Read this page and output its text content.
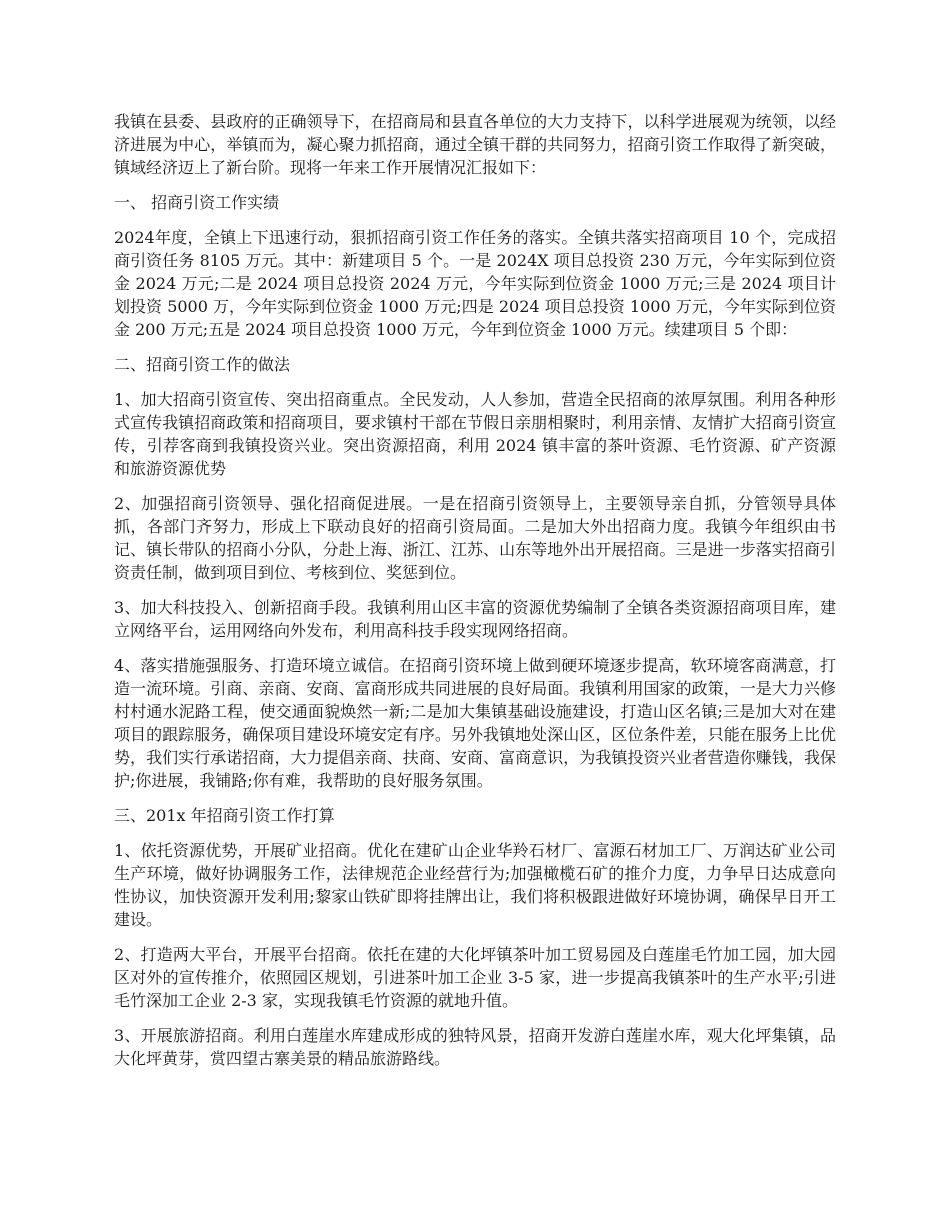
我镇在县委、县政府的正确领导下，在招商局和县直各单位的大力支持下，以科学进展观为统领，以经济进展为中心，举镇而为，凝心聚力抓招商，通过全镇干群的共同努力，招商引资工作取得了新突破，镇域经济迈上了新台阶。现将一年来工作开展情况汇报如下：

一、 招商引资工作实绩

2024年度，全镇上下迅速行动，狠抓招商引资工作任务的落实。全镇共落实招商项目 10 个，完成招商引资任务 8105 万元。其中：新建项目 5 个。一是 2024X 项目总投资 230 万元，今年实际到位资金 2024 万元;二是 2024 项目总投资 2024 万元，今年实际到位资金 1000 万元;三是 2024 项目计划投资 5000 万，今年实际到位资金 1000 万元;四是 2024 项目总投资 1000 万元，今年实际到位资金 200 万元;五是 2024 项目总投资 1000 万元，今年到位资金 1000 万元。续建项目 5 个即：

二、招商引资工作的做法

1、加大招商引资宣传、突出招商重点。全民发动，人人参加，营造全民招商的浓厚氛围。利用各种形式宣传我镇招商政策和招商项目，要求镇村干部在节假日亲朋相聚时，利用亲情、友情扩大招商引资宣传，引荐客商到我镇投资兴业。突出资源招商，利用 2024 镇丰富的茶叶资源、毛竹资源、矿产资源和旅游资源优势

2、加强招商引资领导、强化招商促进展。一是在招商引资领导上，主要领导亲自抓，分管领导具体抓，各部门齐努力，形成上下联动良好的招商引资局面。二是加大外出招商力度。我镇今年组织由书记、镇长带队的招商小分队，分赴上海、浙江、江苏、山东等地外出开展招商。三是进一步落实招商引资责任制，做到项目到位、考核到位、奖惩到位。

3、加大科技投入、创新招商手段。我镇利用山区丰富的资源优势编制了全镇各类资源招商项目库，建立网络平台，运用网络向外发布，利用高科技手段实现网络招商。

4、落实措施强服务、打造环境立诚信。在招商引资环境上做到硬环境逐步提高，软环境客商满意，打造一流环境。引商、亲商、安商、富商形成共同进展的良好局面。我镇利用国家的政策，一是大力兴修村村通水泥路工程，使交通面貌焕然一新;二是加大集镇基础设施建设，打造山区名镇;三是加大对在建项目的跟踪服务，确保项目建设环境安定有序。另外我镇地处深山区，区位条件差，只能在服务上比优势，我们实行承诺招商，大力提倡亲商、扶商、安商、富商意识，为我镇投资兴业者营造你赚钱，我保护;你进展，我铺路;你有难，我帮助的良好服务氛围。

三、201x 年招商引资工作打算

1、依托资源优势，开展矿业招商。优化在建矿山企业华羚石材厂、富源石材加工厂、万润达矿业公司生产环境，做好协调服务工作，法律规范企业经营行为;加强橄榄石矿的推介力度，力争早日达成意向性协议，加快资源开发利用;黎家山铁矿即将挂牌出让，我们将积极跟进做好环境协调，确保早日开工建设。

2、打造两大平台，开展平台招商。依托在建的大化坪镇茶叶加工贸易园及白莲崖毛竹加工园，加大园区对外的宣传推介，依照园区规划，引进茶叶加工企业 3-5 家，进一步提高我镇茶叶的生产水平;引进毛竹深加工企业 2-3 家，实现我镇毛竹资源的就地升值。

3、开展旅游招商。利用白莲崖水库建成形成的独特风景，招商开发游白莲崖水库，观大化坪集镇，品大化坪黄芽，赏四望古寨美景的精品旅游路线。
